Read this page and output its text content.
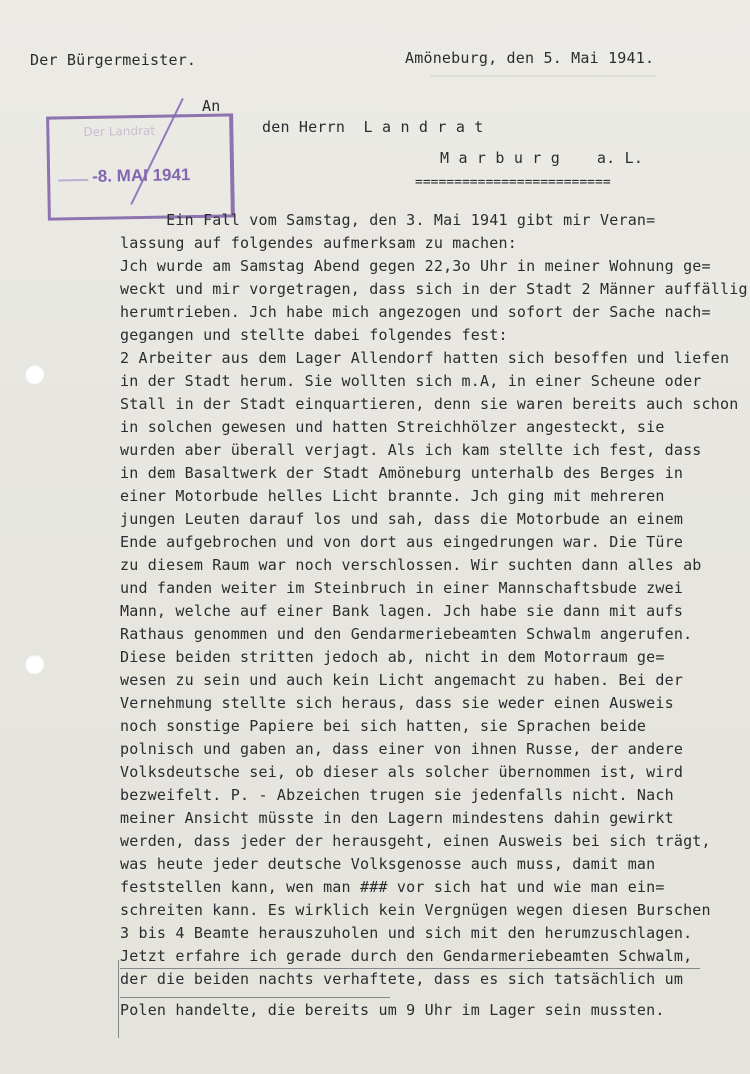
━━━━━━━━━━━━━━━━━━━━━━━━━━━━━━━━━━
Der Bürgermeister.	Amöneburg, den 5. Mai 1941.
Der Landrat
-8. MAI 1941
An
den Herrn  L a n d r a t
M a r b u r g    a. L.
=========================
Ein Fall vom Samstag, den 3. Mai 1941 gibt mir Veran=
lassung auf folgendes aufmerksam zu machen:
Jch wurde am Samstag Abend gegen 22,3o Uhr in meiner Wohnung ge=
weckt und mir vorgetragen, dass sich in der Stadt 2 Männer auffällig
herumtrieben. Jch habe mich angezogen und sofort der Sache nach=
gegangen und stellte dabei folgendes fest:
2 Arbeiter aus dem Lager Allendorf hatten sich besoffen und liefen
in der Stadt herum. Sie wollten sich m.A, in einer Scheune oder
Stall in der Stadt einquartieren, denn sie waren bereits auch schon
in solchen gewesen und hatten Streichhölzer angesteckt, sie
wurden aber überall verjagt. Als ich kam stellte ich fest, dass
in dem Basaltwerk der Stadt Amöneburg unterhalb des Berges in
einer Motorbude helles Licht brannte. Jch ging mit mehreren
jungen Leuten darauf los und sah, dass die Motorbude an einem
Ende aufgebrochen und von dort aus eingedrungen war. Die Türe
zu diesem Raum war noch verschlossen. Wir suchten dann alles ab
und fanden weiter im Steinbruch in einer Mannschaftsbude zwei
Mann, welche auf einer Bank lagen. Jch habe sie dann mit aufs
Rathaus genommen und den Gendarmeriebeamten Schwalm angerufen.
Diese beiden stritten jedoch ab, nicht in dem Motorraum ge=
wesen zu sein und auch kein Licht angemacht zu haben. Bei der
Vernehmung stellte sich heraus, dass sie weder einen Ausweis
noch sonstige Papiere bei sich hatten, sie Sprachen beide
polnisch und gaben an, dass einer von ihnen Russe, der andere
Volksdeutsche sei, ob dieser als solcher übernommen ist, wird
bezweifelt. P. - Abzeichen trugen sie jedenfalls nicht. Nach
meiner Ansicht müsste in den Lagern mindestens dahin gewirkt
werden, dass jeder der herausgeht, einen Ausweis bei sich trägt,
was heute jeder deutsche Volksgenosse auch muss, damit man
feststellen kann, wen man ### vor sich hat und wie man ein=
schreiten kann. Es wirklich kein Vergnügen wegen diesen Burschen
3 bis 4 Beamte herauszuholen und sich mit den herumzuschlagen.
Jetzt erfahre ich gerade durch den Gendarmeriebeamten Schwalm,
der die beiden nachts verhaftete, dass es sich tatsächlich um
Polen handelte, die bereits um 9 Uhr im Lager sein mussten.
